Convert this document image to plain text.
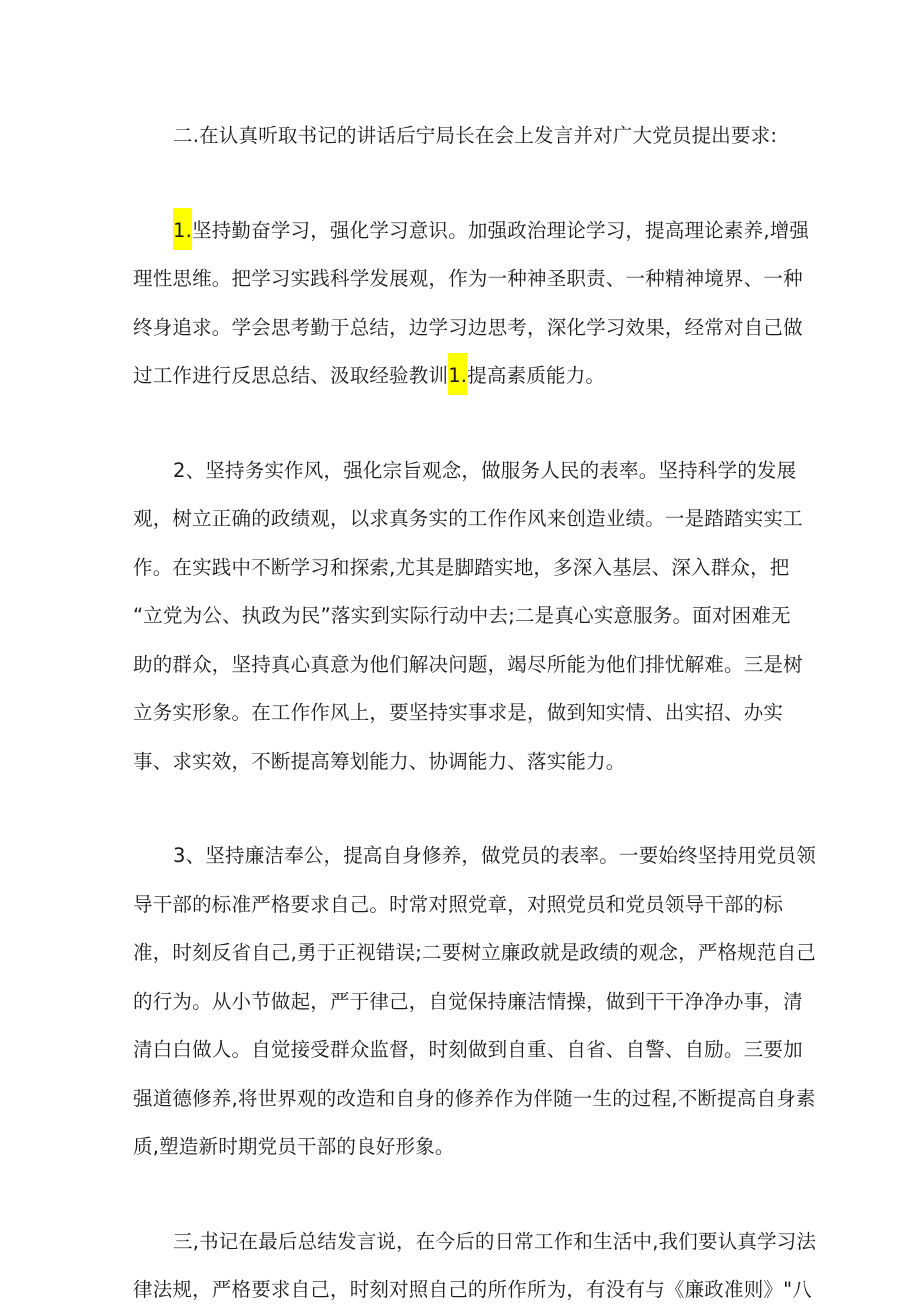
二.在认真听取书记的讲话后宁局长在会上发言并对广大党员提出要求:
1.坚持勤奋学习，强化学习意识。加强政治理论学习，提高理论素养,增强
理性思维。把学习实践科学发展观，作为一种神圣职责、一种精神境界、一种
终身追求。学会思考勤于总结，边学习边思考，深化学习效果，经常对自己做
过工作进行反思总结、汲取经验教训1.提高素质能力。
2、坚持务实作风，强化宗旨观念，做服务人民的表率。坚持科学的发展
观，树立正确的政绩观，以求真务实的工作作风来创造业绩。一是踏踏实实工
作。在实践中不断学习和探索,尤其是脚踏实地，多深入基层、深入群众，把
“立党为公、执政为民”落实到实际行动中去;二是真心实意服务。面对困难无
助的群众，坚持真心真意为他们解决问题，竭尽所能为他们排忧解难。三是树
立务实形象。在工作作风上，要坚持实事求是，做到知实情、出实招、办实
事、求实效，不断提高筹划能力、协调能力、落实能力。
3、坚持廉洁奉公，提高自身修养，做党员的表率。一要始终坚持用党员领
导干部的标准严格要求自己。时常对照党章，对照党员和党员领导干部的标
准，时刻反省自己,勇于正视错误;二要树立廉政就是政绩的观念，严格规范自己
的行为。从小节做起，严于律己，自觉保持廉洁情操，做到干干净净办事，清
清白白做人。自觉接受群众监督，时刻做到自重、自省、自警、自励。三要加
强道德修养,将世界观的改造和自身的修养作为伴随一生的过程,不断提高自身素
质,塑造新时期党员干部的良好形象。
三,书记在最后总结发言说，在今后的日常工作和生活中,我们要认真学习法
律法规，严格要求自己，时刻对照自己的所作所为，有没有与《廉政准则》"八
